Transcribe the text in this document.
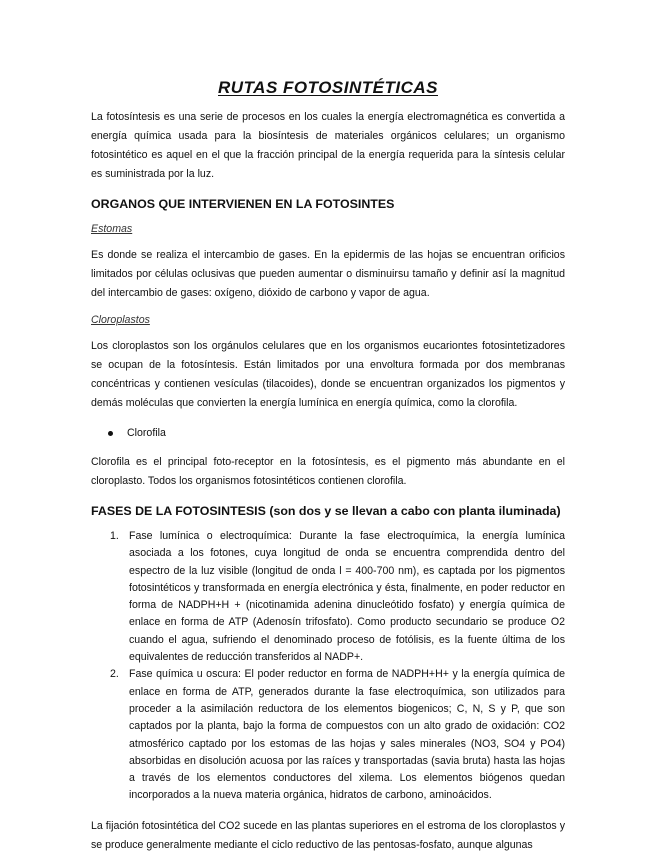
RUTAS FOTOSINTÉTICAS

La fotosíntesis es una serie de procesos en los cuales la energía electromagnética es convertida a energía química usada para la biosíntesis de materiales orgánicos celulares; un organismo fotosintético es aquel en el que la fracción principal de la energía requerida para la síntesis celular es suministrada por la luz.

ORGANOS QUE INTERVIENEN EN LA FOTOSINTES
Estomas

Es donde se realiza el intercambio de gases. En la epidermis de las hojas se encuentran orificios limitados por células oclusivas que pueden aumentar o disminuirsu tamaño y definir así la magnitud del intercambio de gases: oxígeno, dióxido de carbono y vapor de agua.

Cloroplastos

Los cloroplastos son los orgánulos celulares que en los organismos eucariontes fotosintetizadores se ocupan de la fotosíntesis. Están limitados por una envoltura formada por dos membranas concéntricas y contienen vesículas (tilacoides), donde se encuentran organizados los pigmentos y demás moléculas que convierten la energía lumínica en energía química, como la clorofila.

Clorofila

Clorofila es el principal foto-receptor en la fotosíntesis, es el pigmento más abundante en el cloroplasto. Todos los organismos fotosintéticos contienen clorofila.

FASES DE LA FOTOSINTESIS (son dos y se llevan a cabo con planta iluminada)
1. Fase lumínica o electroquímica: Durante la fase electroquímica, la energía lumínica asociada a los fotones, cuya longitud de onda se encuentra comprendida dentro del espectro de la luz visible (longitud de onda l = 400-700 nm), es captada por los pigmentos fotosintéticos y transformada en energía electrónica y ésta, finalmente, en poder reductor en forma de NADPH+H + (nicotinamida adenina dinucleótido fosfato) y energía química de enlace en forma de ATP (Adenosín trifosfato). Como producto secundario se produce O2 cuando el agua, sufriendo el denominado proceso de fotólisis, es la fuente última de los equivalentes de reducción transferidos al NADP+.
2. Fase química u oscura: El poder reductor en forma de NADPH+H+ y la energía química de enlace en forma de ATP, generados durante la fase electroquímica, son utilizados para proceder a la asimilación reductora de los elementos biogenicos; C, N, S y P, que son captados por la planta, bajo la forma de compuestos con un alto grado de oxidación: CO2 atmosférico captado por los estomas de las hojas y sales minerales (NO3, SO4 y PO4) absorbidas en disolución acuosa por las raíces y transportadas (savia bruta) hasta las hojas a través de los elementos conductores del xilema. Los elementos biógenos quedan incorporados a la nueva materia orgánica, hidratos de carbono, aminoácidos.

La fijación fotosintética del CO2 sucede en las plantas superiores en el estroma de los cloroplastos y se produce generalmente mediante el ciclo reductivo de las pentosas-fosfato, aunque algunas
